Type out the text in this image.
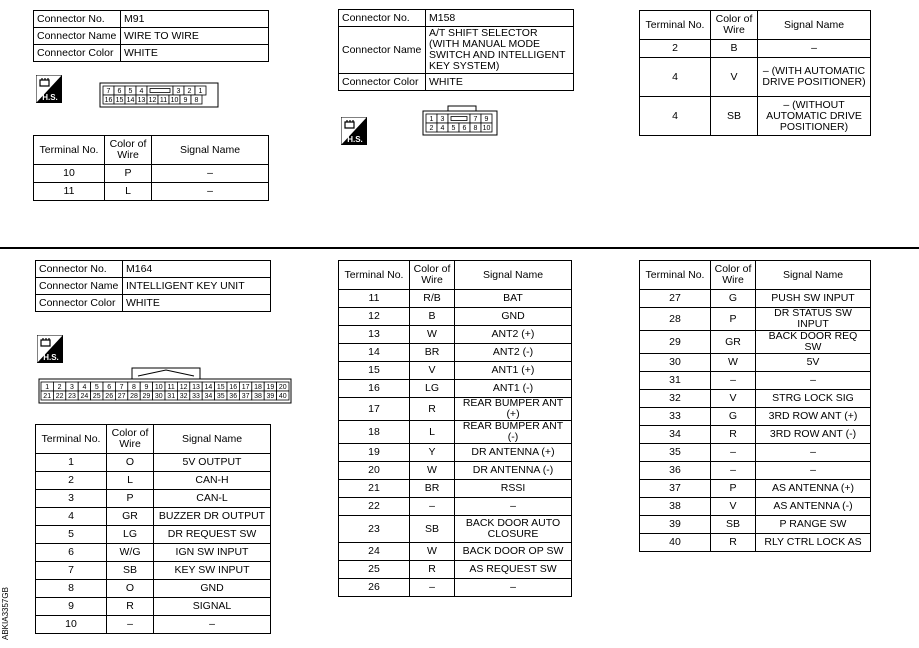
Connector No.	M91
Connector Name	WIRE TO WIRE
Connector Color	WHITE
H.S.
7 6 5 4	3 2 1
16 15 14 13 12 11 10 9 8
Terminal No.	Color of Wire	Signal Name
10	P	–
11	L	–
Connector No.	M158
Connector Name	A/T SHIFT SELECTOR (WITH MANUAL MODE SWITCH AND INTELLIGENT KEY SYSTEM)
Connector Color	WHITE
H.S.
1 3	7 9
2 4 5 6 8 10
Terminal No.	Color of Wire	Signal Name
2	B	–
4	V	– (WITH AUTOMATIC DRIVE POSITIONER)
4	SB	– (WITHOUT AUTOMATIC DRIVE POSITIONER)
Connector No.	M164
Connector Name	INTELLIGENT KEY UNIT
Connector Color	WHITE
H.S.
1 2 3 4 5 6 7 8 9 10 11 12 13 14 15 16 17 18 19 20
21 22 23 24 25 26 27 28 29 30 31 32 33 34 35 36 37 38 39 40
Terminal No.	Color of Wire	Signal Name
1	O	5V OUTPUT
2	L	CAN-H
3	P	CAN-L
4	GR	BUZZER DR OUTPUT
5	LG	DR REQUEST SW
6	W/G	IGN SW INPUT
7	SB	KEY SW INPUT
8	O	GND
9	R	SIGNAL
10	–	–
Terminal No.	Color of Wire	Signal Name
11	R/B	BAT
12	B	GND
13	W	ANT2 (+)
14	BR	ANT2 (-)
15	V	ANT1 (+)
16	LG	ANT1 (-)
17	R	REAR BUMPER ANT (+)
18	L	REAR BUMPER ANT (-)
19	Y	DR ANTENNA (+)
20	W	DR ANTENNA (-)
21	BR	RSSI
22	–	–
23	SB	BACK DOOR AUTO CLOSURE
24	W	BACK DOOR OP SW
25	R	AS REQUEST SW
26	–	–
Terminal No.	Color of Wire	Signal Name
27	G	PUSH SW INPUT
28	P	DR STATUS SW INPUT
29	GR	BACK DOOR REQ SW
30	W	5V
31	–	–
32	V	STRG LOCK SIG
33	G	3RD ROW ANT (+)
34	R	3RD ROW ANT (-)
35	–	–
36	–	–
37	P	AS ANTENNA (+)
38	V	AS ANTENNA (-)
39	SB	P RANGE SW
40	R	RLY CTRL LOCK AS
ABKIA3357GB
